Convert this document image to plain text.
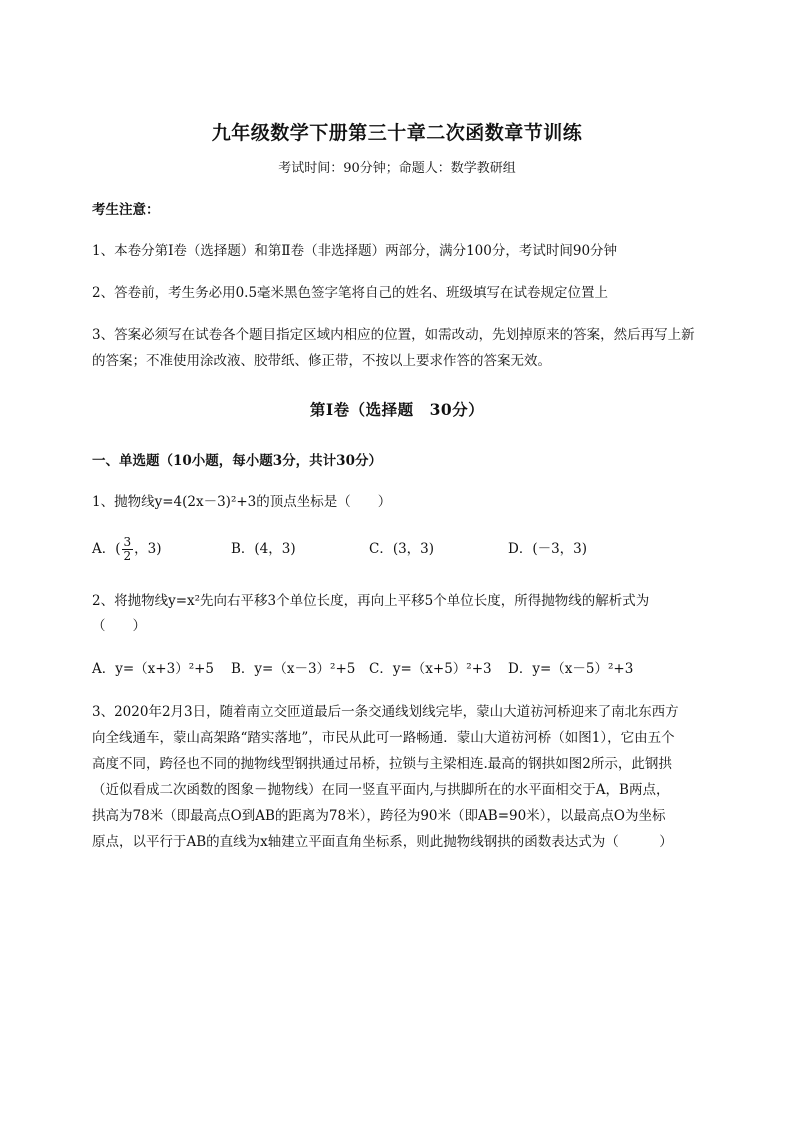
九年级数学下册第三十章二次函数章节训练
考试时间：90分钟；命题人：数学教研组
考生注意：
1、本卷分第I卷（选择题）和第Ⅱ卷（非选择题）两部分，满分100分，考试时间90分钟
2、答卷前，考生务必用0.5毫米黑色签字笔将自己的姓名、班级填写在试卷规定位置上
3、答案必须写在试卷各个题目指定区域内相应的位置，如需改动，先划掉原来的答案，然后再写上新
的答案；不准使用涂改液、胶带纸、修正带，不按以上要求作答的答案无效。
第I卷（选择题　30分）
一、单选题（10小题，每小题3分，共计30分）
1、抛物线y=4(2x－3)²+3的顶点坐标是（　　）
A．( $\frac{3}{2}$ ，3)	B．(4，3)	C．(3，3)	D．(－3，3)
2、将抛物线y=x²先向右平移3个单位长度，再向上平移5个单位长度，所得抛物线的解析式为
（　　）
A．y=（x+3）²+5 B．y=（x－3）²+5 C．y=（x+5）²+3 D．y=（x－5）²+3
3、2020年2月3日，随着南立交匝道最后一条交通线划线完毕，蒙山大道祊河桥迎来了南北东西方
向全线通车，蒙山高架路“踏实落地”，市民从此可一路畅通．蒙山大道祊河桥（如图1），它由五个
高度不同，跨径也不同的抛物线型钢拱通过吊桥，拉锁与主梁相连.最高的钢拱如图2所示，此钢拱
（近似看成二次函数的图象－抛物线）在同一竖直平面内,与拱脚所在的水平面相交于A，B两点，
拱高为78米（即最高点O到AB的距离为78米），跨径为90米（即AB=90米），以最高点O为坐标
原点，以平行于AB的直线为x轴建立平面直角坐标系，则此抛物线钢拱的函数表达式为（　　　）
